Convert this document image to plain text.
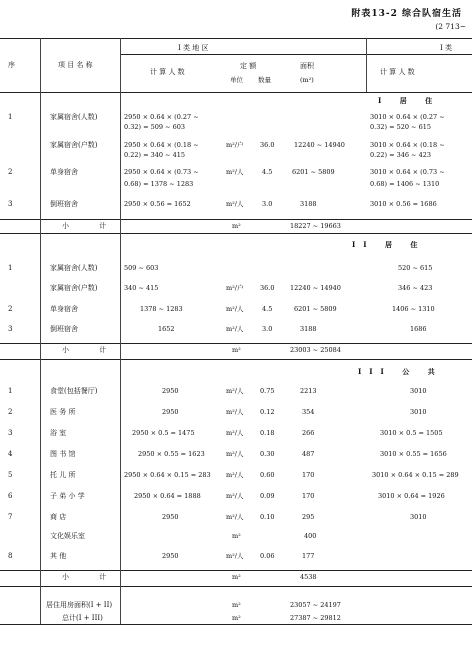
附表13-2 综合队宿生活
(2 713~
序	项 目 名 称
I 类 地 区	I 类
计 算 人 数
定 额
单位 数量
面积
(m²)
计 算 人 数
I 居 住
1	家属宿舍(人数)	2950 × 0.64 × (0.27 ~
0.32) = 509 ~ 603
3010 × 0.64 × (0.27 ~
0.32) = 520 ~ 615
家属宿舍(户数)	2950 × 0.64 × (0.18 ~
0.22) = 340 ~ 415
m²/户	36.0	12240 ~ 14940	3010 × 0.64 × (0.18 ~
0.22) = 346 ~ 423
2	单身宿舍	2950 × 0.64 × (0.73 ~
0.68) = 1378 ~ 1283
m²/人	4.5	6201 ~ 5809	3010 × 0.64 × (0.73 ~
0.68) = 1406 ~ 1310
3	倒班宿舍	2950 × 0.56 = 1652	m²/人	3.0	3188	3010 × 0.56 = 1686
小 计	m²	18227 ~ 19663
II 居 住
1	家属宿舍(人数)	509 ~ 603	520 ~ 615
家属宿舍(户数)	340 ~ 415	m²/户	36.0 12240 ~ 14940	346 ~ 423
2	单身宿舍	1378 ~ 1283	m²/人	4.5	6201 ~ 5809	1406 ~ 1310
3	倒班宿舍	1652	m²/人	3.0	3188	1686
小 计	m²	23003 ~ 25084
III 公 共
1	食堂(包括餐厅)	2950	m²/人	0.75	2213	3010
2	医 务 所	2950	m²/人	0.12	354	3010
3	浴 室	2950 × 0.5 = 1475	m²/人	0.18	266	3010 × 0.5 = 1505
4	图 书 馆	2950 × 0.55 = 1623	m²/人	0.30	487	3010 × 0.55 = 1656
5	托 儿 所	2950 × 0.64 × 0.15 = 283 m²/人	0.60	170	3010 × 0.64 × 0.15 = 289
6	子 弟 小 学	2950 × 0.64 = 1888	m²/人	0.09	170	3010 × 0.64 = 1926
7	商 店	2950	m²/人	0.10	295	3010
文化娱乐室	m²	400
8	其 他	2950	m²/人	0.06	177
小 计	m²	4538
居住用房面积(I + II)	m²	23057 ~ 24197
总计(I + III)	m²	27387 ~ 29812
